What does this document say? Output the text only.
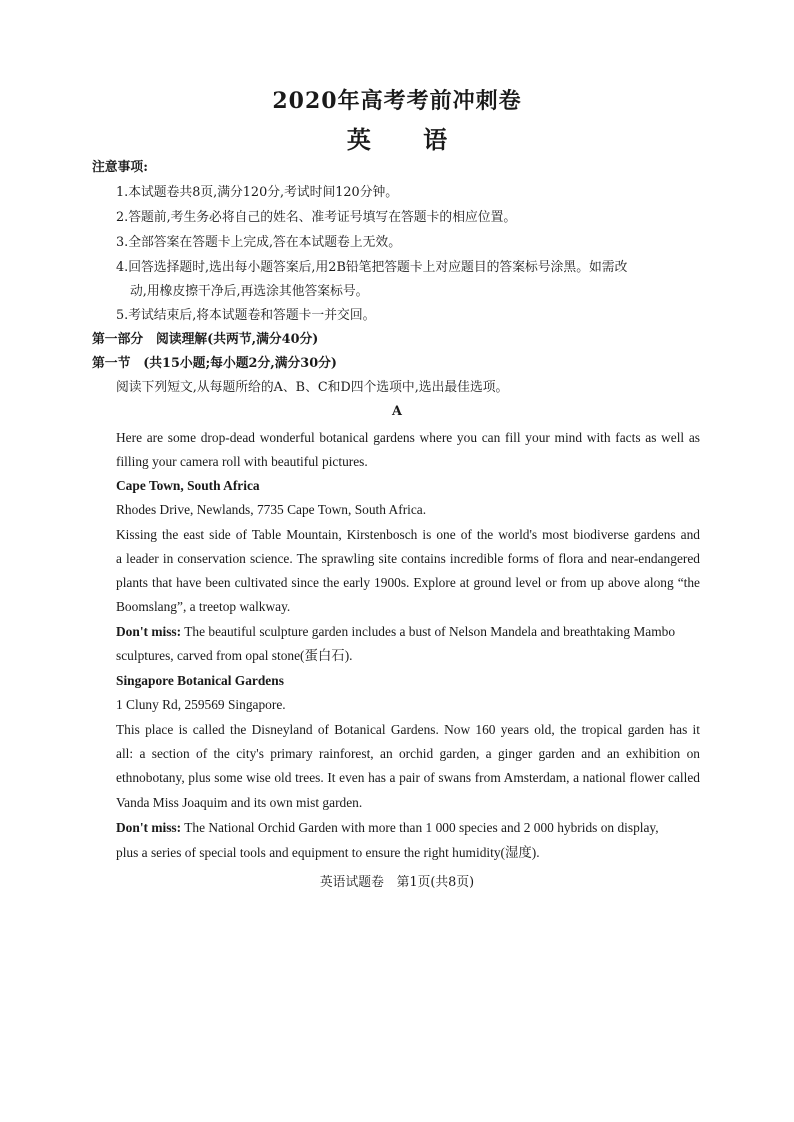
2020年高考考前冲刺卷
英 语
注意事项:
1.本试题卷共8页,满分120分,考试时间120分钟。
2.答题前,考生务必将自己的姓名、准考证号填写在答题卡的相应位置。
3.全部答案在答题卡上完成,答在本试题卷上无效。
4.回答选择题时,选出每小题答案后,用2B铅笔把答题卡上对应题目的答案标号涂黑。如需改
动,用橡皮擦干净后,再选涂其他答案标号。
5.考试结束后,将本试题卷和答题卡一并交回。
第一部分　阅读理解(共两节,满分40分)
第一节　(共15小题;每小题2分,满分30分)
阅读下列短文,从每题所给的A、B、C和D四个选项中,选出最佳选项。
A
Here are some drop-dead wonderful botanical gardens where you can fill your mind with facts as well as
filling your camera roll with beautiful pictures.
Cape Town, South Africa
Rhodes Drive, Newlands, 7735 Cape Town, South Africa.
Kissing the east side of Table Mountain, Kirstenbosch is one of the world's most biodiverse gardens and
a leader in conservation science. The sprawling site contains incredible forms of flora and near-endangered
plants that have been cultivated since the early 1900s. Explore at ground level or from up above along “the
Boomslang”, a treetop walkway.
Don't miss: The beautiful sculpture garden includes a bust of Nelson Mandela and breathtaking Mambo
sculptures, carved from opal stone(蛋白石).
Singapore Botanical Gardens
1 Cluny Rd, 259569 Singapore.
This place is called the Disneyland of Botanical Gardens. Now 160 years old, the tropical garden has it
all: a section of the city's primary rainforest, an orchid garden, a ginger garden and an exhibition on
ethnobotany, plus some wise old trees. It even has a pair of swans from Amsterdam, a national flower called
Vanda Miss Joaquim and its own mist garden.
Don't miss: The National Orchid Garden with more than 1 000 species and 2 000 hybrids on display,
plus a series of special tools and equipment to ensure the right humidity(湿度).
英语试题卷　第1页(共8页)
